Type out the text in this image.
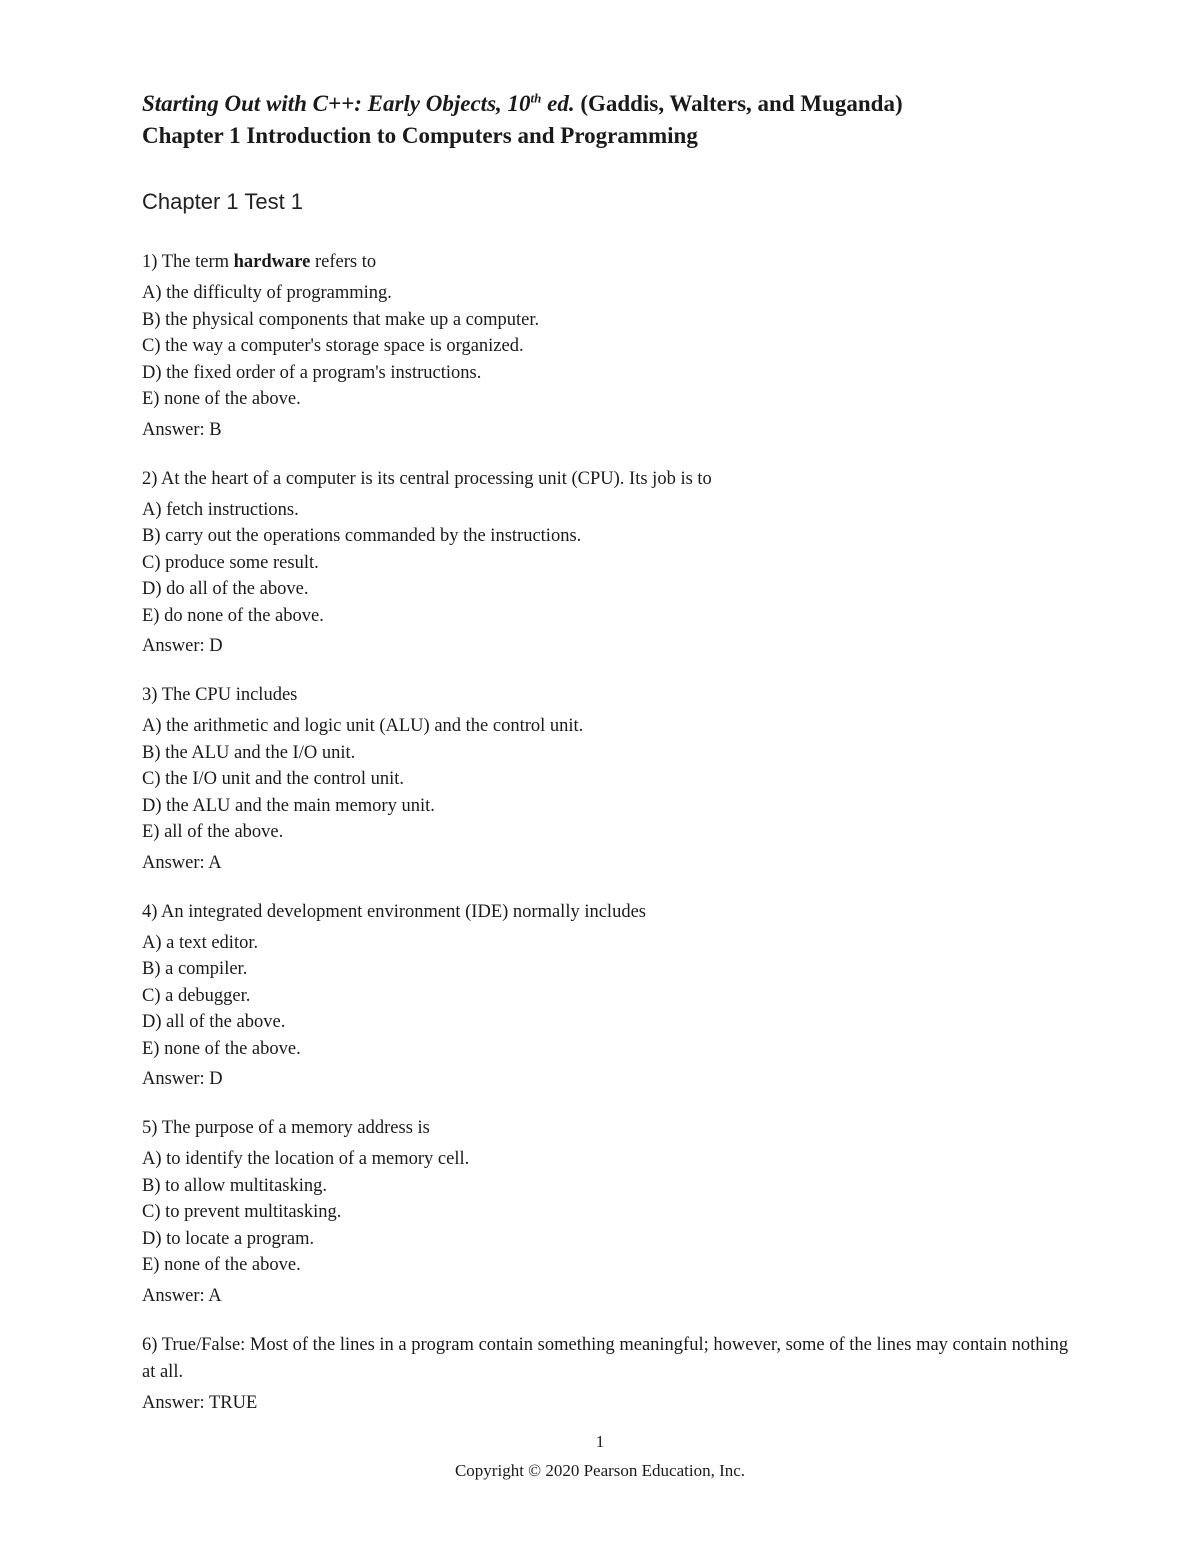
Starting Out with C++: Early Objects, 10th ed. (Gaddis, Walters, and Muganda)

Chapter 1 Introduction to Computers and Programming

Chapter 1 Test 1

1) The term hardware refers to

A) the difficulty of programming.

B) the physical components that make up a computer.

C) the way a computer's storage space is organized.

D) the fixed order of a program's instructions.

E) none of the above.

Answer: B

2) At the heart of a computer is its central processing unit (CPU). Its job is to

A) fetch instructions.

B) carry out the operations commanded by the instructions.

C) produce some result.

D) do all of the above.

E) do none of the above.

Answer: D

3) The CPU includes

A) the arithmetic and logic unit (ALU) and the control unit.

B) the ALU and the I/O unit.

C) the I/O unit and the control unit.

D) the ALU and the main memory unit.

E) all of the above.

Answer: A

4) An integrated development environment (IDE) normally includes

A) a text editor.

B) a compiler.

C) a debugger.

D) all of the above.

E) none of the above.

Answer: D

5) The purpose of a memory address is

A) to identify the location of a memory cell.

B) to allow multitasking.

C) to prevent multitasking.

D) to locate a program.

E) none of the above.

Answer: A

6) True/False: Most of the lines in a program contain something meaningful; however, some of the lines may contain nothing at all.

Answer: TRUE

1
Copyright © 2020 Pearson Education, Inc.
